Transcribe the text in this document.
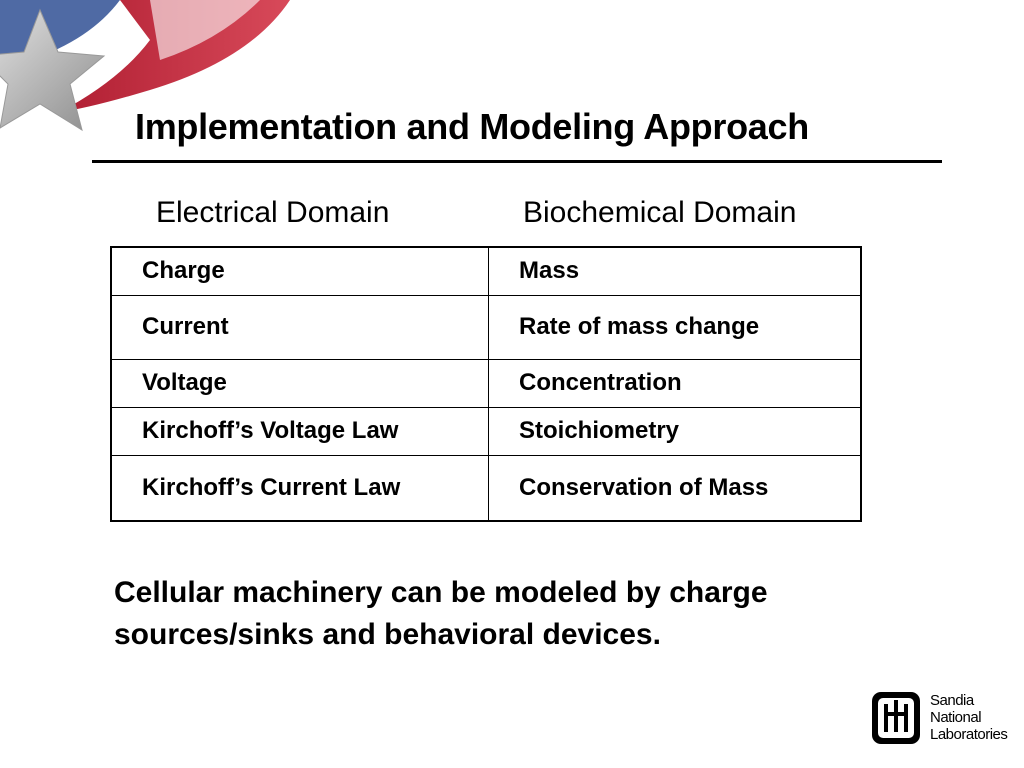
Implementation and Modeling Approach
Electrical Domain	Biochemical Domain
Charge	Mass
Current	Rate of mass change
Voltage	Concentration
Kirchoff’s Voltage Law	Stoichiometry
Kirchoff’s Current Law	Conservation of Mass

Cellular machinery can be modeled by charge sources/sinks and behavioral devices.

Sandia
National
Laboratories
